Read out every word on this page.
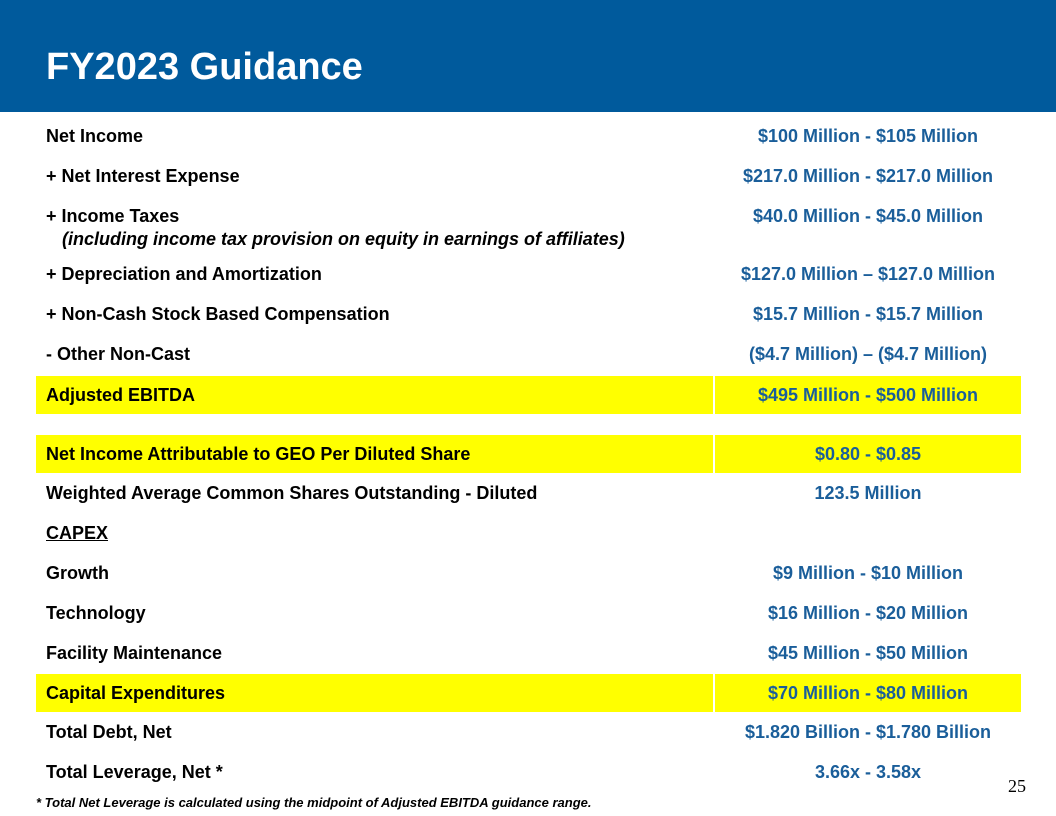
FY2023 Guidance
Net Income	$100 Million - $105 Million
+ Net Interest Expense	$217.0 Million - $217.0 Million
+ Income Taxes	$40.0 Million - $45.0 Million
(including income tax provision on equity in earnings of affiliates)
+ Depreciation and Amortization	$127.0 Million – $127.0 Million
+ Non-Cash Stock Based Compensation	$15.7 Million - $15.7 Million
- Other Non-Cast	($4.7 Million) – ($4.7 Million)
Adjusted EBITDA	$495 Million - $500 Million
Net Income Attributable to GEO Per Diluted Share	$0.80 - $0.85
Weighted Average Common Shares Outstanding - Diluted	123.5 Million
CAPEX
Growth	$9 Million - $10 Million
Technology	$16 Million - $20 Million
Facility Maintenance	$45 Million - $50 Million
Capital Expenditures	$70 Million - $80 Million
Total Debt, Net	$1.820 Billion - $1.780 Billion
Total Leverage, Net *	3.66x - 3.58x
25
* Total Net Leverage is calculated using the midpoint of Adjusted EBITDA guidance range.
